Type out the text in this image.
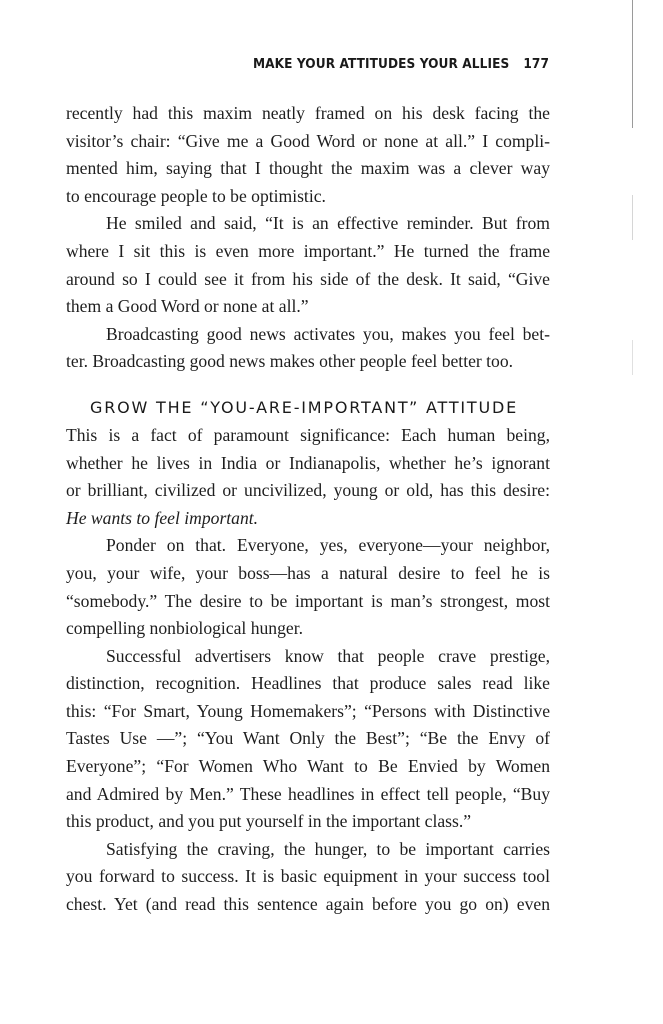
MAKE YOUR ATTITUDES YOUR ALLIES 177
recently had this maxim neatly framed on his desk facing the
visitor’s chair: “Give me a Good Word or none at all.” I compli-
mented him, saying that I thought the maxim was a clever way
to encourage people to be optimistic.
He smiled and said, “It is an effective reminder. But from
where I sit this is even more important.” He turned the frame
around so I could see it from his side of the desk. It said, “Give
them a Good Word or none at all.”
Broadcasting good news activates you, makes you feel bet-
ter. Broadcasting good news makes other people feel better too.
GROW THE “YOU-ARE-IMPORTANT” ATTITUDE
This is a fact of paramount significance: Each human being,
whether he lives in India or Indianapolis, whether he’s ignorant
or brilliant, civilized or uncivilized, young or old, has this desire:
He wants to feel important.
Ponder on that. Everyone, yes, everyone—your neighbor,
you, your wife, your boss—has a natural desire to feel he is
“somebody.” The desire to be important is man’s strongest, most
compelling nonbiological hunger.
Successful advertisers know that people crave prestige,
distinction, recognition. Headlines that produce sales read like
this: “For Smart, Young Homemakers”; “Persons with Distinctive
Tastes Use —”; “You Want Only the Best”; “Be the Envy of
Everyone”; “For Women Who Want to Be Envied by Women
and Admired by Men.” These headlines in effect tell people, “Buy
this product, and you put yourself in the important class.”
Satisfying the craving, the hunger, to be important carries
you forward to success. It is basic equipment in your success tool
chest. Yet (and read this sentence again before you go on) even
